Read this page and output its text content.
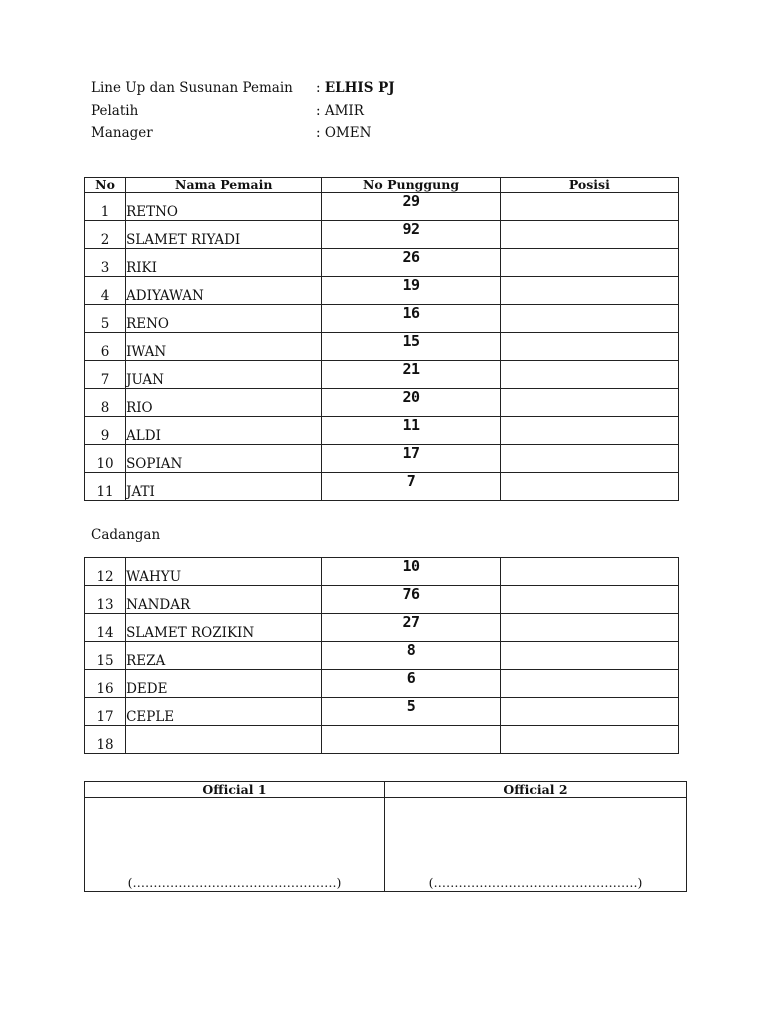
Line Up dan Susunan Pemain : ELHIS PJ
Pelatih	: AMIR
Manager	: OMEN
No	Nama Pemain	No Punggung	Posisi
1	RETNO	29	
2	SLAMET RIYADI	92	
3	RIKI	26	
4	ADIYAWAN	19	
5	RENO	16	
6	IWAN	15	
7	JUAN	21	
8	RIO	20	
9	ALDI	11	
10	SOPIAN	17	
11	JATI	7	
Cadangan
12	WAHYU	10	
13	NANDAR	76	
14	SLAMET ROZIKIN	27	
15	REZA	8	
16	DEDE	6	
17	CEPLE	5	
18			
Official 1	Official 2
(………………………………………….)	(………………………………………….)
